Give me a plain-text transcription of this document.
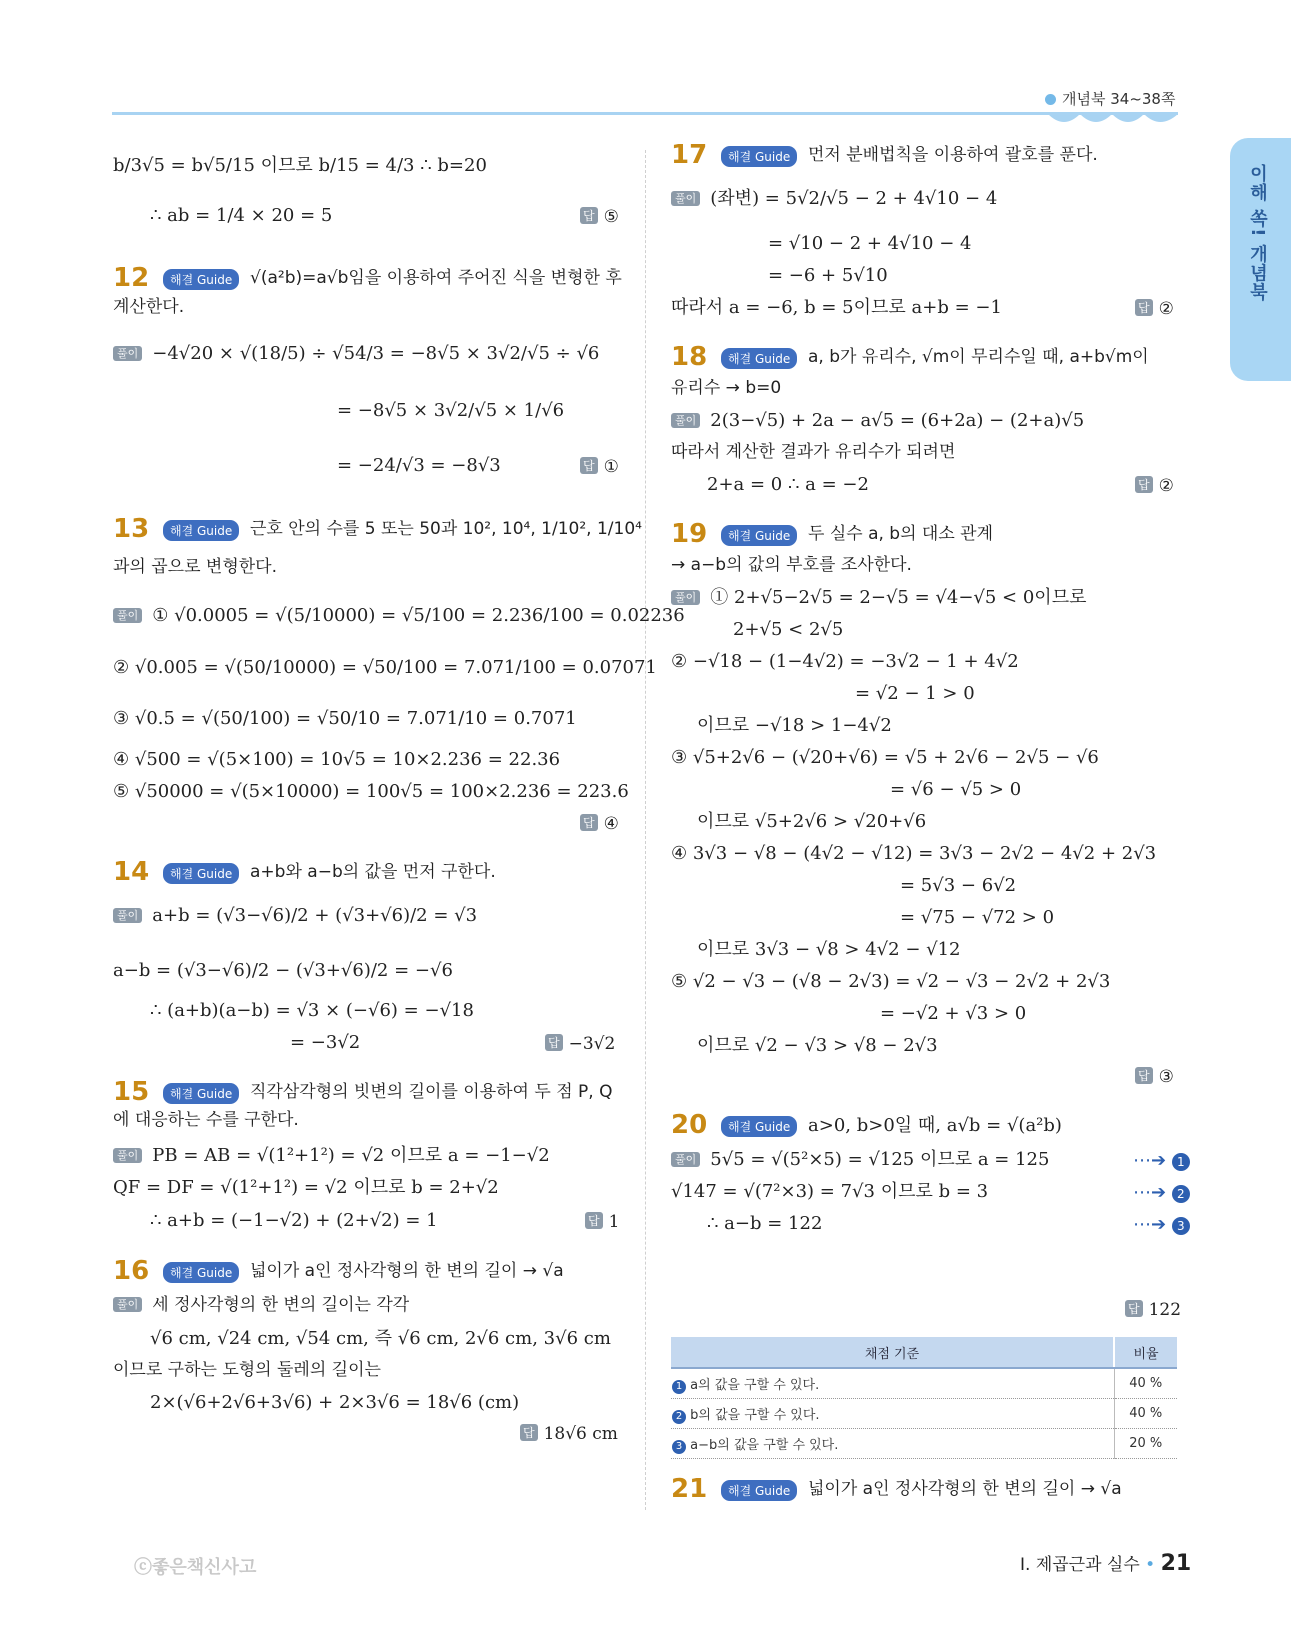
개념북 34~38쪽
이해 쏙! 개념북
b/3√5 = b√5/15 이므로 b/15 = 4/3 ∴ b=20
∴ ab = 1/4 × 20 = 5	답 ⑤
12	해결 Guide	√(a²b)=a√b임을 이용하여 주어진 식을 변형한 후
계산한다.
풀이 −4√20 × √(18/5) ÷ √54/3 = −8√5 × 3√2/√5 ÷ √6
= −8√5 × 3√2/√5 × 1/√6
= −24/√3 = −8√3	답 ①
13	해결 Guide	근호 안의 수를 5 또는 50과 10², 10⁴, 1/10², 1/10⁴
과의 곱으로 변형한다.
풀이 ① √0.0005 = √(5/10000) = √5/100 = 2.236/100 = 0.02236
② √0.005 = √(50/10000) = √50/100 = 7.071/100 = 0.07071
③ √0.5 = √(50/100) = √50/10 = 7.071/10 = 0.7071
④ √500 = √(5×100) = 10√5 = 10×2.236 = 22.36
⑤ √50000 = √(5×10000) = 100√5 = 100×2.236 = 223.6
답 ④
14	해결 Guide	a+b와 a−b의 값을 먼저 구한다.
풀이 a+b = (√3−√6)/2 + (√3+√6)/2 = √3
a−b = (√3−√6)/2 − (√3+√6)/2 = −√6
∴ (a+b)(a−b) = √3 × (−√6) = −√18
= −3√2	답 −3√2
15	해결 Guide	직각삼각형의 빗변의 길이를 이용하여 두 점 P, Q
에 대응하는 수를 구한다.
풀이 PB = AB = √(1²+1²) = √2 이므로 a = −1−√2
QF = DF = √(1²+1²) = √2 이므로 b = 2+√2
∴ a+b = (−1−√2) + (2+√2) = 1	답 1
16	해결 Guide	넓이가 a인 정사각형의 한 변의 길이 → √a
풀이 세 정사각형의 한 변의 길이는 각각
√6 cm, √24 cm, √54 cm, 즉 √6 cm, 2√6 cm, 3√6 cm
이므로 구하는 도형의 둘레의 길이는
2×(√6+2√6+3√6) + 2×3√6 = 18√6 (cm)
답 18√6 cm
17	해결 Guide	먼저 분배법칙을 이용하여 괄호를 푼다.
풀이 (좌변) = 5√2/√5 − 2 + 4√10 − 4
= √10 − 2 + 4√10 − 4
= −6 + 5√10
따라서 a = −6, b = 5이므로 a+b = −1	답 ②
18	해결 Guide	a, b가 유리수, √m이 무리수일 때, a+b√m이
유리수 → b=0
풀이 2(3−√5) + 2a − a√5 = (6+2a) − (2+a)√5
따라서 계산한 결과가 유리수가 되려면
2+a = 0 ∴ a = −2	답 ②
19	해결 Guide	두 실수 a, b의 대소 관계
→ a−b의 값의 부호를 조사한다.
풀이 ① 2+√5−2√5 = 2−√5 = √4−√5 < 0이므로
2+√5 < 2√5
② −√18 − (1−4√2) = −3√2 − 1 + 4√2
= √2 − 1 > 0
이므로 −√18 > 1−4√2
③ √5+2√6 − (√20+√6) = √5 + 2√6 − 2√5 − √6
= √6 − √5 > 0
이므로 √5+2√6 > √20+√6
④ 3√3 − √8 − (4√2 − √12) = 3√3 − 2√2 − 4√2 + 2√3
= 5√3 − 6√2
= √75 − √72 > 0
이므로 3√3 − √8 > 4√2 − √12
⑤ √2 − √3 − (√8 − 2√3) = √2 − √3 − 2√2 + 2√3
= −√2 + √3 > 0
이므로 √2 − √3 > √8 − 2√3
답 ③
20	해결 Guide a>0, b>0일 때, a√b = √(a²b)
풀이 5√5 = √(5²×5) = √125 이므로 a = 125
√147 = √(7²×3) = 7√3 이므로 b = 3
∴ a−b = 122
⋯➔ 1
⋯➔ 2
⋯➔ 3
답 122
채점 기준	비율
1 a의 값을 구할 수 있다.	40 %
2 b의 값을 구할 수 있다.	40 %
3 a−b의 값을 구할 수 있다.	20 %
21	해결 Guide	넓이가 a인 정사각형의 한 변의 길이 → √a
ⓒ좋은책신사고	Ⅰ. 제곱근과 실수 • 21
